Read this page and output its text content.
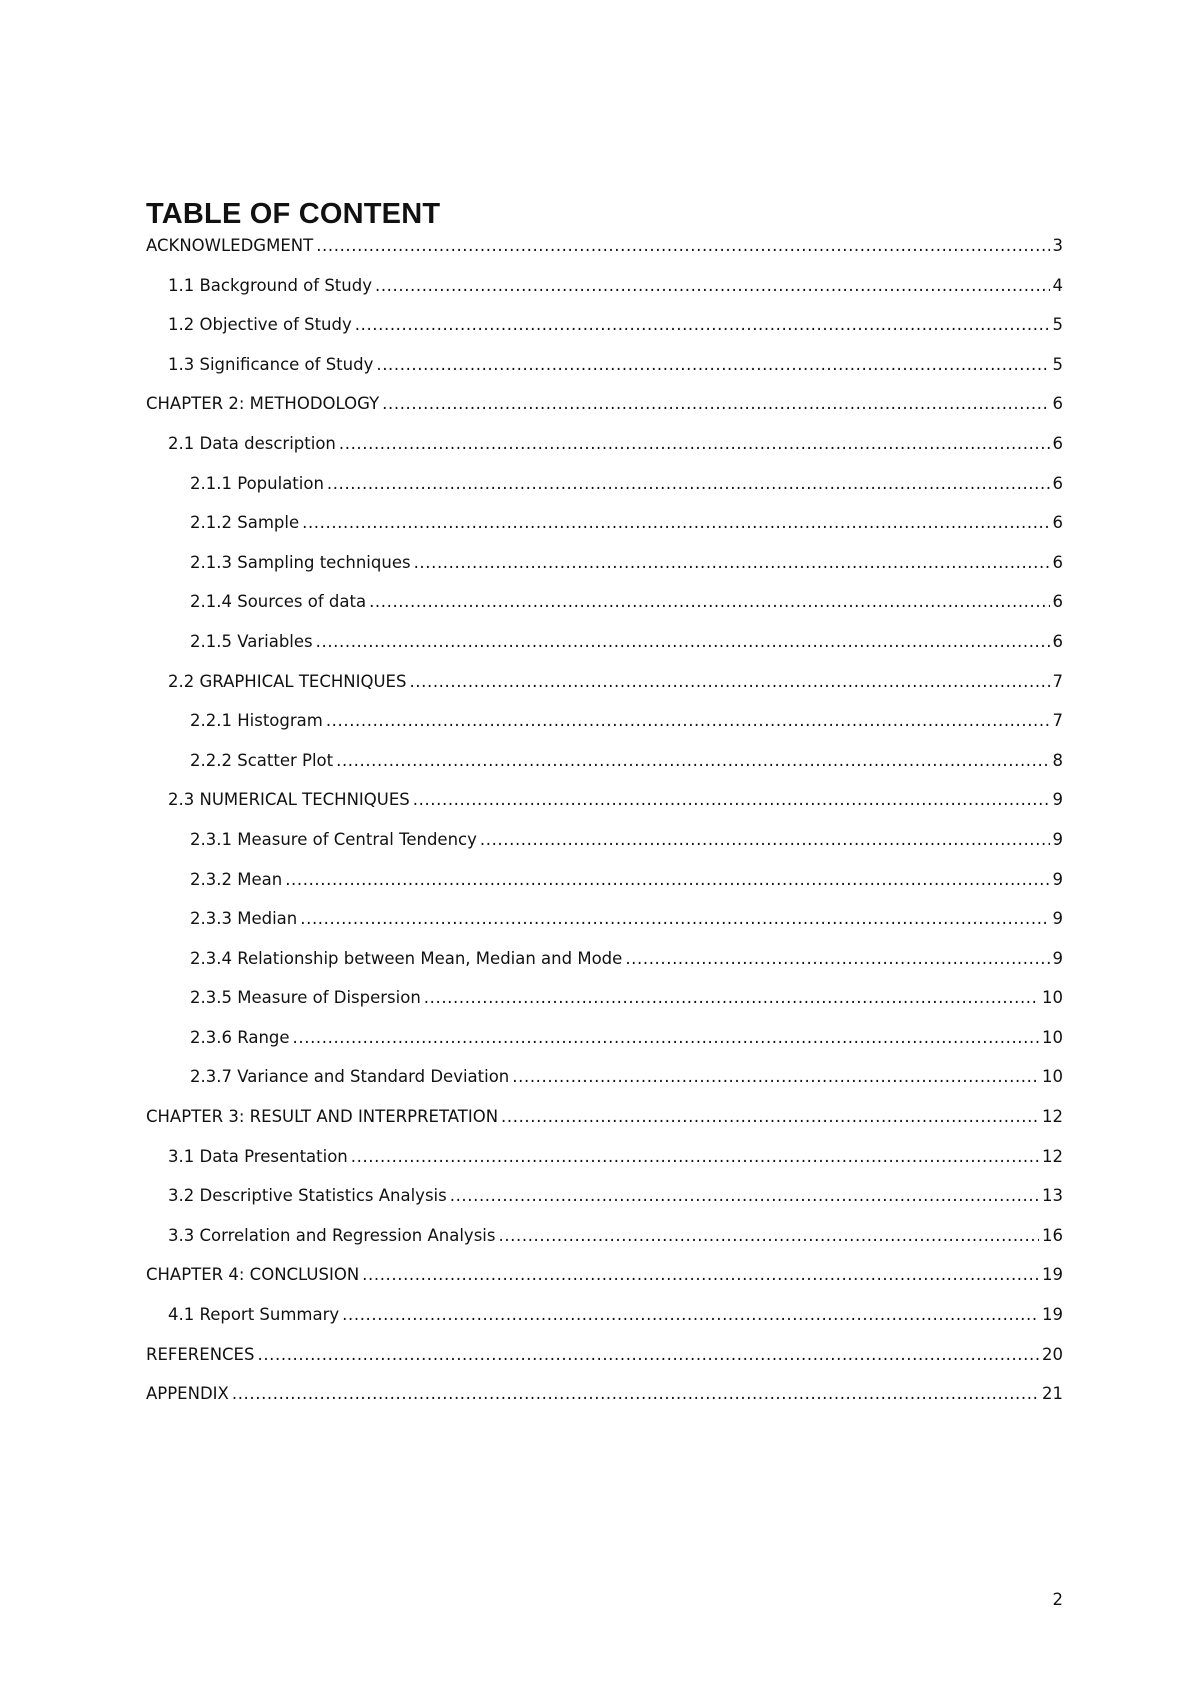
TABLE OF CONTENT
ACKNOWLEDGMENT .....	3
1.1 Background of Study .....	4
1.2 Objective of Study .....	5
1.3 Significance of Study .....	5
CHAPTER 2: METHODOLOGY .....	6
2.1 Data description .....	6
2.1.1 Population .....	6
2.1.2 Sample .....	6
2.1.3 Sampling techniques .....	6
2.1.4 Sources of data .....	6
2.1.5 Variables .....	6
2.2 GRAPHICAL TECHNIQUES .....	7
2.2.1 Histogram .....	7
2.2.2 Scatter Plot .....	8
2.3 NUMERICAL TECHNIQUES .....	9
2.3.1 Measure of Central Tendency .....	9
2.3.2 Mean .....	9
2.3.3 Median .....	9
2.3.4 Relationship between Mean, Median and Mode .....	9
2.3.5 Measure of Dispersion .....	10
2.3.6 Range .....	10
2.3.7 Variance and Standard Deviation .....	10
CHAPTER 3: RESULT AND INTERPRETATION .....	12
3.1 Data Presentation .....	12
3.2 Descriptive Statistics Analysis .....	13
3.3 Correlation and Regression Analysis .....	16
CHAPTER 4: CONCLUSION .....	19
4.1 Report Summary .....	19
REFERENCES .....	20
APPENDIX .....	21
2
